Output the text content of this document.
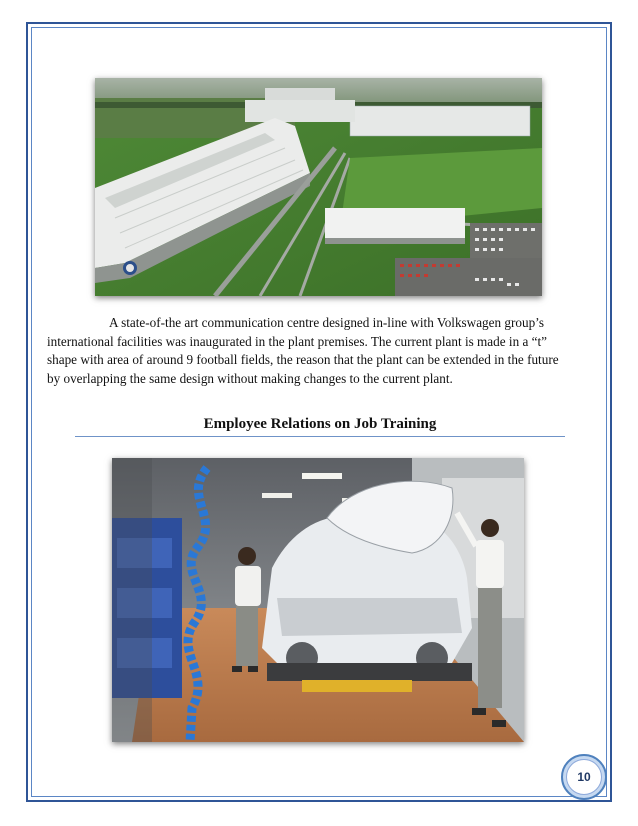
A state-of-the art communication centre designed in-line with Volkswagen group’s international facilities was inaugurated in the plant premises. The current plant is made in a “t” shape with area of around 9 football fields, the reason that the plant can be extended in the future by overlapping the same design without making changes to the current plant.
Employee Relations on Job Training
10
